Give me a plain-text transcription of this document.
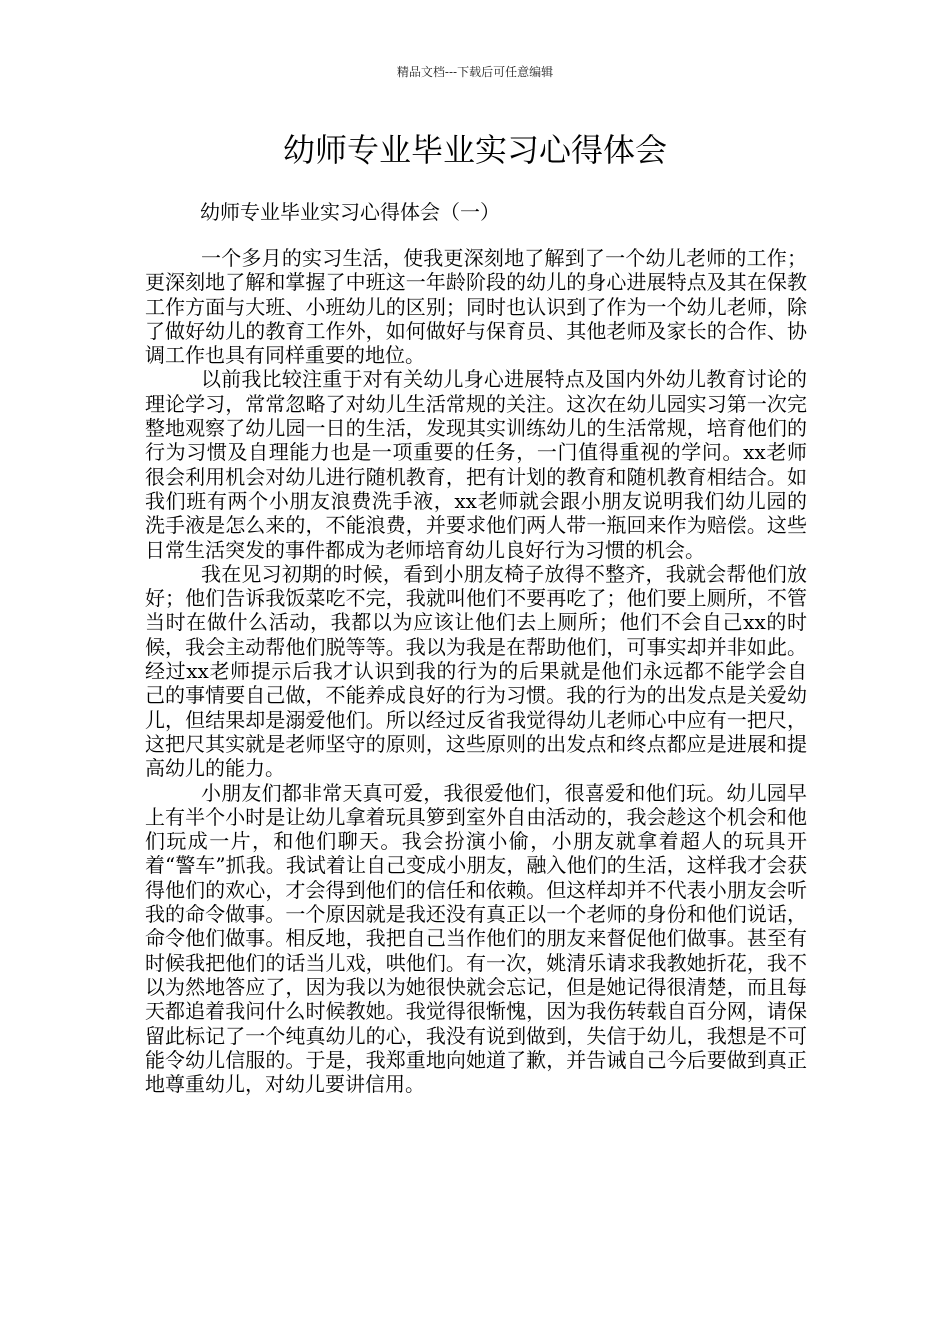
精品文档---下载后可任意编辑
幼师专业毕业实习心得体会

幼师专业毕业实习心得体会（一）

一个多月的实习生活，使我更深刻地了解到了一个幼儿老师的工作；更深刻地了解和掌握了中班这一年龄阶段的幼儿的身心进展特点及其在保教工作方面与大班、小班幼儿的区别；同时也认识到了作为一个幼儿老师，除了做好幼儿的教育工作外，如何做好与保育员、其他老师及家长的合作、协调工作也具有同样重要的地位。

以前我比较注重于对有关幼儿身心进展特点及国内外幼儿教育讨论的理论学习，常常忽略了对幼儿生活常规的关注。这次在幼儿园实习第一次完整地观察了幼儿园一日的生活，发现其实训练幼儿的生活常规，培育他们的行为习惯及自理能力也是一项重要的任务，一门值得重视的学问。xx老师很会利用机会对幼儿进行随机教育，把有计划的教育和随机教育相结合。如我们班有两个小朋友浪费洗手液，xx老师就会跟小朋友说明我们幼儿园的洗手液是怎么来的，不能浪费，并要求他们两人带一瓶回来作为赔偿。这些日常生活突发的事件都成为老师培育幼儿良好行为习惯的机会。

我在见习初期的时候，看到小朋友椅子放得不整齐，我就会帮他们放好；他们告诉我饭菜吃不完，我就叫他们不要再吃了；他们要上厕所，不管当时在做什么活动，我都以为应该让他们去上厕所；他们不会自己xx的时候，我会主动帮他们脱等等。我以为我是在帮助他们，可事实却并非如此。经过xx老师提示后我才认识到我的行为的后果就是他们永远都不能学会自己的事情要自己做，不能养成良好的行为习惯。我的行为的出发点是关爱幼儿，但结果却是溺爱他们。所以经过反省我觉得幼儿老师心中应有一把尺，这把尺其实就是老师坚守的原则，这些原则的出发点和终点都应是进展和提高幼儿的能力。

小朋友们都非常天真可爱，我很爱他们，很喜爱和他们玩。幼儿园早上有半个小时是让幼儿拿着玩具箩到室外自由活动的，我会趁这个机会和他们玩成一片，和他们聊天。我会扮演小偷，小朋友就拿着超人的玩具开着“警车”抓我。我试着让自己变成小朋友，融入他们的生活，这样我才会获得他们的欢心，才会得到他们的信任和依赖。但这样却并不代表小朋友会听我的命令做事。一个原因就是我还没有真正以一个老师的身份和他们说话，命令他们做事。相反地，我把自己当作他们的朋友来督促他们做事。甚至有时候我把他们的话当儿戏，哄他们。有一次，姚清乐请求我教她折花，我不以为然地答应了，因为我以为她很快就会忘记，但是她记得很清楚，而且每天都追着我问什么时候教她。我觉得很惭愧，因为我伤转载自百分网，请保留此标记了一个纯真幼儿的心，我没有说到做到，失信于幼儿，我想是不可能令幼儿信服的。于是，我郑重地向她道了歉，并告诫自己今后要做到真正地尊重幼儿，对幼儿要讲信用。
